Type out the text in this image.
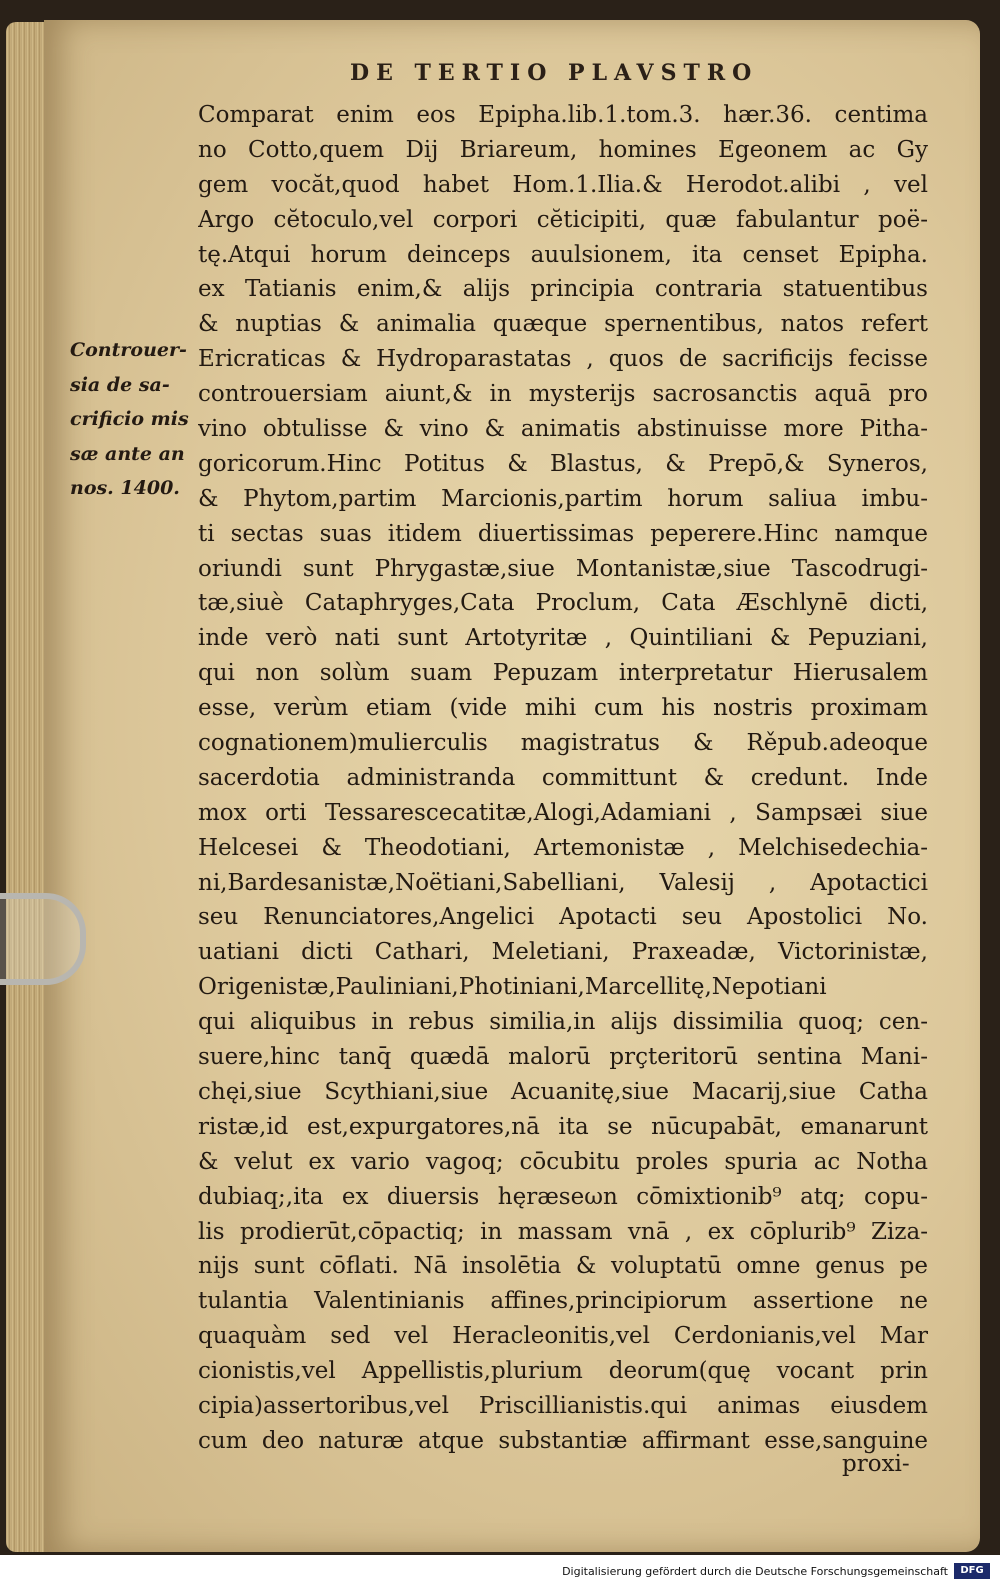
DE TERTIO PLAVSTRO
Controuer-
sia de sa-
crificio mis
sæ ante an
nos. 1400.
Comparat enim eos Epipha.lib.1.tom.3. hær.36. centima
no Cotto,quem Dij Briareum, homines Egeonem ac Gy
gem vocăt,quod habet Hom.1.Ilia.& Herodot.alibi , vel
Argo cĕtoculo,vel corpori cĕticipiti, quæ fabulantur poë-
tę.Atqui horum deinceps auulsionem, ita censet Epipha.
ex Tatianis enim,& alijs principia contraria statuentibus
& nuptias & animalia quæque spernentibus, natos refert
Ericraticas & Hydroparastatas , quos de sacrificijs fecisse
controuersiam aiunt,& in mysterijs sacrosanctis aquā pro
vino obtulisse & vino & animatis abstinuisse more Pitha-
goricorum.Hinc Potitus & Blastus, & Prepō,& Syneros,
& Phytom,partim Marcionis,partim horum saliua imbu-
ti sectas suas itidem diuertissimas peperere.Hinc namque
oriundi sunt Phrygastæ,siue Montanistæ,siue Tascodrugi-
tæ,siuè Cataphryges,Cata Proclum, Cata Æschlynē dicti,
inde verò nati sunt Artotyritæ , Quintiliani & Pepuziani,
qui non solùm suam Pepuzam interpretatur Hierusalem
esse, verùm etiam (vide mihi cum his nostris proximam
cognationem)mulierculis magistratus & Rěpub.adeoque
sacerdotia administranda committunt & credunt. Inde
mox orti Tessarescecatitæ,Alogi,Adamiani , Sampsæi siue
Helcesei & Theodotiani, Artemonistæ , Melchisedechia-
ni,Bardesanistæ,Noëtiani,Sabelliani, Valesij , Apotactici
seu Renunciatores,Angelici Apotacti seu Apostolici No.
uatiani dicti Cathari, Meletiani, Praxeadæ, Victorinistæ,
Origenistæ,Pauliniani,Photiniani,Marcellitę,Nepotiani
qui aliquibus in rebus similia,in alijs dissimilia quoq; cen-
suere,hinc tanq̄ quædā malorū prçteritorū sentina Mani-
chęi,siue Scythiani,siue Acuanitę,siue Macarij,siue Catha
ristæ,id est,expurgatores,nā ita se nūcupabāt, emanarunt
& velut ex vario vagoq; cōcubitu proles spuria ac Notha
dubiaq;,ita ex diuersis hęræseωn cōmixtionib⁹ atq; copu-
lis prodierūt,cōpactiq; in massam vnā , ex cōplurib⁹ Ziza-
nijs sunt cōflati. Nā insolētia & voluptatū omne genus pe
tulantia Valentinianis affines,principiorum assertione ne
quaquàm sed vel Heracleonitis,vel Cerdonianis,vel Mar
cionistis,vel Appellistis,plurium deorum(quę vocant prin
cipia)assertoribus,vel Priscillianistis.qui animas eiusdem
cum deo naturæ atque substantiæ affirmant esse,sanguine
proxi-
Digitalisierung gefördert durch die Deutsche Forschungsgemeinschaft	DFG
